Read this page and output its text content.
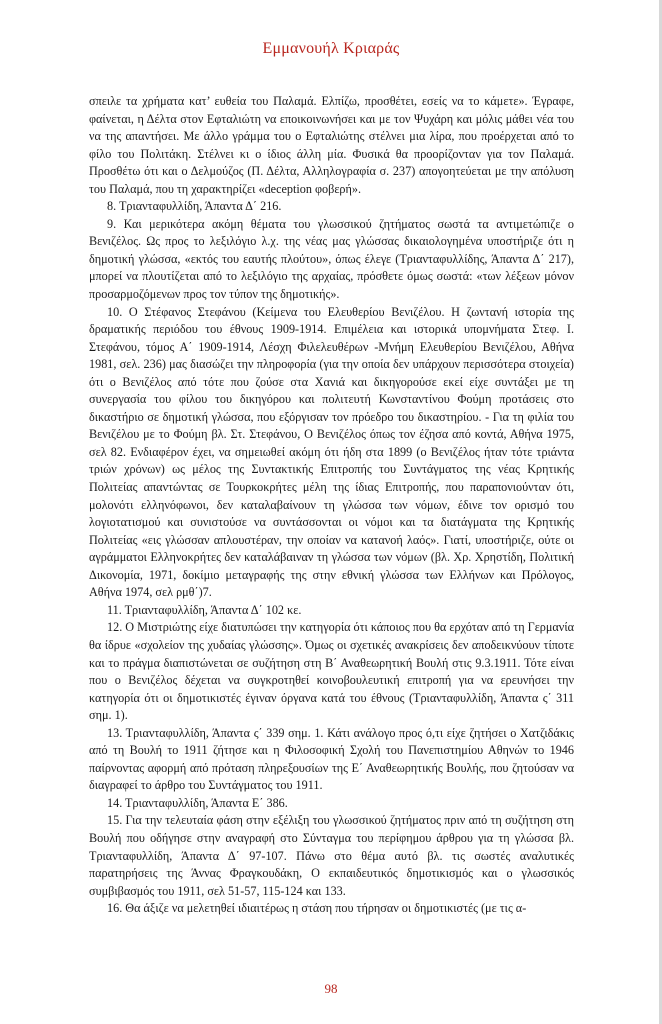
Εμμανουήλ Κριαράς

σπειλε τα χρήματα κατ’ ευθεία του Παλαμά. Ελπίζω, προσθέτει, εσείς να το κάμετε». Έγραφε, φαίνεται, η Δέλτα στον Εφταλιώτη να εποικοινωνήσει και με τον Ψυχάρη και μόλις μάθει νέα του να της απαντήσει. Με άλλο γράμμα του ο Εφταλιώτης στέλνει μια λίρα, που προέρχεται από το φίλο του Πολιτάκη. Στέλνει κι ο ίδιος άλλη μία. Φυσικά θα προορίζονταν για τον Παλαμά. Προσθέτω ότι και ο Δελμούζος (Π. Δέλτα, Αλληλογραφία σ. 237) απογοητεύεται με την απόλυση του Παλαμά, που τη χαρακτηρίζει «deception φοβερή».

8. Τριανταφυλλίδη, Άπαντα Δ΄ 216.

9. Και μερικότερα ακόμη θέματα του γλωσσικού ζητήματος σωστά τα αντιμετώπιζε ο Βενιζέλος. Ως προς το λεξιλόγιο λ.χ. της νέας μας γλώσσας δικαιολογημένα υποστήριζε ότι η δημοτική γλώσσα, «εκτός του εαυτής πλούτου», όπως έλεγε (Τριανταφυλλίδης, Άπαντα Δ΄ 217), μπορεί να πλουτίζεται από το λεξιλόγιο της αρχαίας, πρόσθετε όμως σωστά: «των λέξεων μόνον προσαρμοζόμενων προς τον τύπον της δημοτικής».

10. Ο Στέφανος Στεφάνου (Κείμενα του Ελευθερίου Βενιζέλου. Η ζωντανή ιστορία της δραματικής περιόδου του έθνους 1909-1914. Επιμέλεια και ιστορικά υπομνήματα Στεφ. Ι. Στεφάνου, τόμος Α΄ 1909-1914, Λέσχη Φιλελευθέρων -Μνήμη Ελευθερίου Βενιζέλου, Αθήνα 1981, σελ. 236) μας διασώζει την πληροφορία (για την οποία δεν υπάρχουν περισσότερα στοιχεία) ότι ο Βενιζέλος από τότε που ζούσε στα Χανιά και δικηγορούσε εκεί είχε συντάξει με τη συνεργασία του φίλου του δικηγόρου και πολιτευτή Κωνσταντίνου Φούμη προτάσεις στο δικαστήριο σε δημοτική γλώσσα, που εξόργισαν τον πρόεδρο του δικαστηρίου. - Για τη φιλία του Βενιζέλου με το Φούμη βλ. Στ. Στεφάνου, Ο Βενιζέλος όπως τον έζησα από κοντά, Αθήνα 1975, σελ 82. Ενδιαφέρον έχει, να σημειωθεί ακόμη ότι ήδη στα 1899 (ο Βενιζέλος ήταν τότε τριάντα τριών χρόνων) ως μέλος της Συντακτικής Επιτροπής του Συντάγματος της νέας Κρητικής Πολιτείας απαντώντας σε Τουρκοκρήτες μέλη της ίδιας Επιτροπής, που παραπονιούνταν ότι, μολονότι ελληνόφωνοι, δεν καταλαβαίνουν τη γλώσσα των νόμων, έδινε τον ορισμό του λογιοτατισμού και συνιστούσε να συντάσσονται οι νόμοι και τα διατάγματα της Κρητικής Πολιτείας «εις γλώσσαν απλουστέραν, την οποίαν να κατανοή λαός». Γιατί, υποστήριζε, ούτε οι αγράμματοι Ελληνοκρήτες δεν καταλάβαιναν τη γλώσσα των νόμων (βλ. Χρ. Χρηστίδη, Πολιτική Δικονομία, 1971, δοκίμιο μεταγραφής της στην εθνική γλώσσα των Ελλήνων και Πρόλογος, Αθήνα 1974, σελ ρμθ΄)7.

11. Τριανταφυλλίδη, Άπαντα Δ΄ 102 κε.

12. Ο Μιστριώτης είχε διατυπώσει την κατηγορία ότι κάποιος που θα ερχόταν από τη Γερμανία θα ίδρυε «σχολείον της χυδαίας γλώσσης». Όμως οι σχετικές ανακρίσεις δεν αποδεικνύουν τίποτε και το πράγμα διαπιστώνεται σε συζήτηση στη Β΄ Αναθεωρητική Βουλή στις 9.3.1911. Τότε είναι που ο Βενιζέλος δέχεται να συγκροτηθεί κοινοβουλευτική επιτροπή για να ερευνήσει την κατηγορία ότι οι δημοτικιστές έγιναν όργανα κατά του έθνους (Τριανταφυλλίδη, Άπαντα ς΄ 311 σημ. 1).

13. Τριανταφυλλίδη, Άπαντα ς΄ 339 σημ. 1. Κάτι ανάλογο προς ό,τι είχε ζητήσει ο Χατζιδάκις από τη Βουλή το 1911 ζήτησε και η Φιλοσοφική Σχολή του Πανεπιστημίου Αθηνών το 1946 παίρνοντας αφορμή από πρόταση πληρεξουσίων της Ε΄ Αναθεωρητικής Βουλής, που ζητούσαν να διαγραφεί το άρθρο του Συντάγματος του 1911.

14. Τριανταφυλλίδη, Άπαντα Ε΄ 386.

15. Για την τελευταία φάση στην εξέλιξη του γλωσσικού ζητήματος πριν από τη συζήτηση στη Βουλή που οδήγησε στην αναγραφή στο Σύνταγμα του περίφημου άρθρου για τη γλώσσα βλ. Τριανταφυλλίδη, Άπαντα Δ΄ 97-107. Πάνω στο θέμα αυτό βλ. τις σωστές αναλυτικές παρατηρήσεις της Άννας Φραγκουδάκη, Ο εκπαιδευτικός δημοτικισμός και ο γλωσσικός συμβιβασμός του 1911, σελ 51-57, 115-124 και 133.

16. Θα άξιζε να μελετηθεί ιδιαιτέρως η στάση που τήρησαν οι δημοτικιστές (με τις α-

98
